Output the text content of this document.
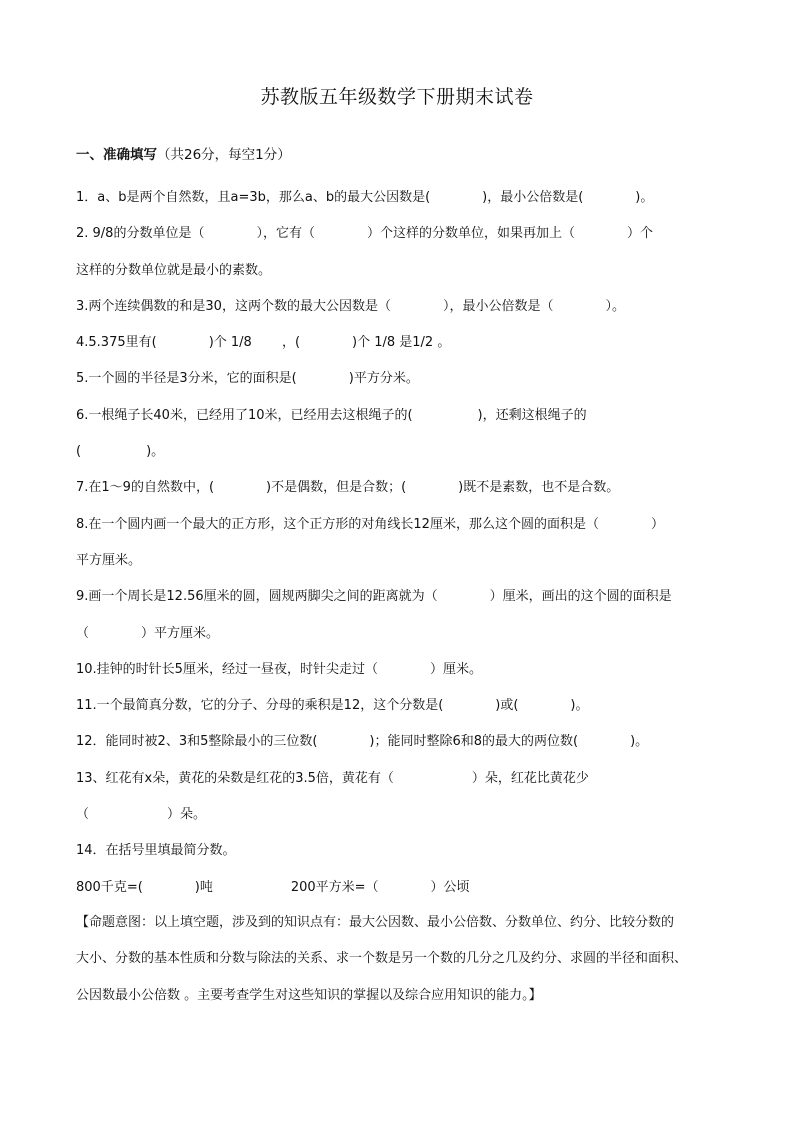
苏教版五年级数学下册期末试卷
一、准确填写（共26分，每空1分）
1．a、b是两个自然数，且a=3b，那么a、b的最大公因数是(　　　　)，最小公倍数是(　　　　)。
2. 9/8的分数单位是（　　　　），它有（　　　　）个这样的分数单位，如果再加上（　　　　）个
这样的分数单位就是最小的素数。
3.两个连续偶数的和是30，这两个数的最大公因数是（　　　　），最小公倍数是（　　　　）。
4.5.375里有(　　　　)个 1/8　　 ，(　　　　)个 1/8 是1/2 。
5.一个圆的半径是3分米，它的面积是(　　　　)平方分米。
6.一根绳子长40米，已经用了10米，已经用去这根绳子的(　　　　　)，还剩这根绳子的
(　　　　　)。
7.在1～9的自然数中，(　　　　)不是偶数，但是合数；(　　　　)既不是素数，也不是合数。
8.在一个圆内画一个最大的正方形，这个正方形的对角线长12厘米，那么这个圆的面积是（　　　　）
平方厘米。
9.画一个周长是12.56厘米的圆，圆规两脚尖之间的距离就为（　　　　）厘米，画出的这个圆的面积是
（　　　　）平方厘米。
10.挂钟的时针长5厘米，经过一昼夜，时针尖走过（　　　　）厘米。
11.一个最简真分数，它的分子、分母的乘积是12，这个分数是(　　　　)或(　　　　)。
12．能同时被2、3和5整除最小的三位数(　　　　)；能同时整除6和8的最大的两位数(　　　　)。
13、红花有x朵，黄花的朵数是红花的3.5倍，黄花有（　　　　　　）朵，红花比黄花少
（　　　　　　）朵。
14．在括号里填最简分数。
800千克=(　　　　)吨　　　　　　200平方米=（　　　　）公顷
【命题意图：以上填空题，涉及到的知识点有：最大公因数、最小公倍数、分数单位、约分、比较分数的
大小、分数的基本性质和分数与除法的关系、求一个数是另一个数的几分之几及约分、求圆的半径和面积、
公因数最小公倍数 。主要考查学生对这些知识的掌握以及综合应用知识的能力。】
